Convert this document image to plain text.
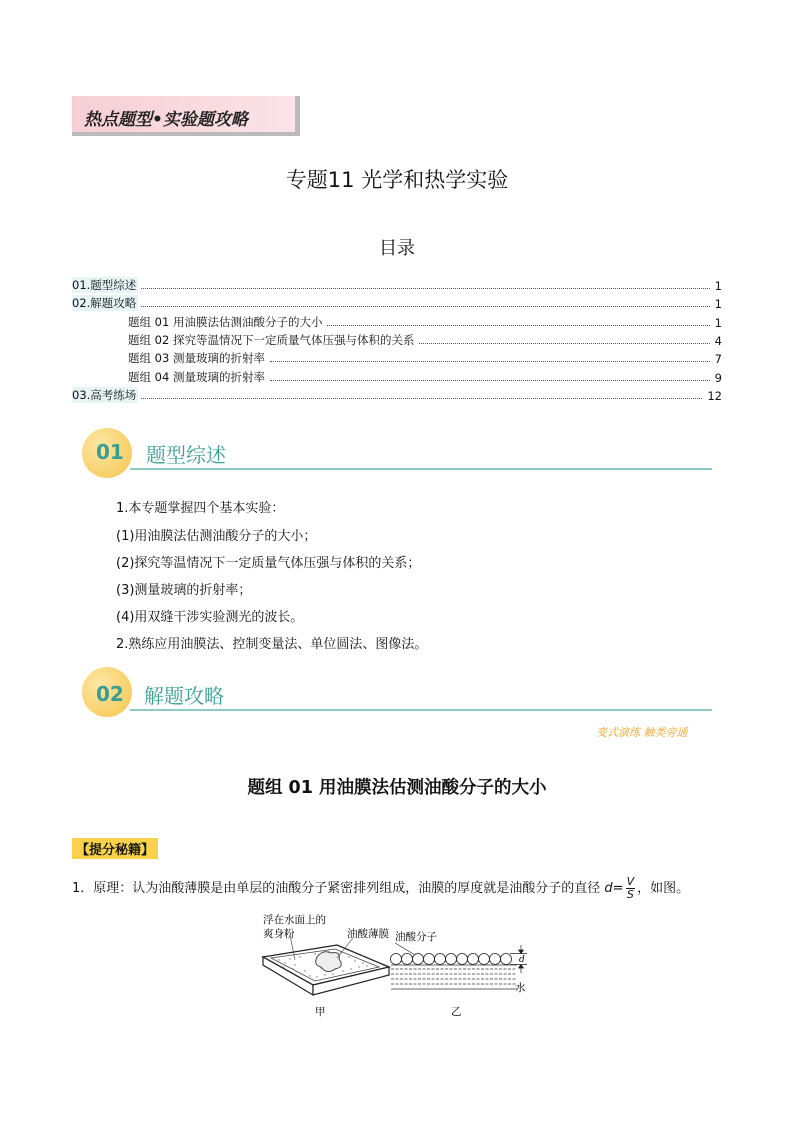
热点题型•实验题攻略
专题11 光学和热学实验
目录
01.题型综述	1
02.解题攻略	1
题组 01 用油膜法估测油酸分子的大小	1
题组 02 探究等温情况下一定质量气体压强与体积的关系	4
题组 03 测量玻璃的折射率	7
题组 04 测量玻璃的折射率	9
03.高考练场	12
01 题型综述
1.本专题掌握四个基本实验：
(1)用油膜法估测油酸分子的大小；
(2)探究等温情况下一定质量气体压强与体积的关系；
(3)测量玻璃的折射率；
(4)用双缝干涉实验测光的波长。
2.熟练应用油膜法、控制变量法、单位圆法、图像法。
02 解题攻略
变式演练 触类旁通
题组 01 用油膜法估测油酸分子的大小
【提分秘籍】
1．原理：认为油酸薄膜是由单层的油酸分子紧密排列组成，油膜的厚度就是油酸分子的直径 $d= \frac{V}{S}$ ，如图。
浮在水面上的
爽身粉	油酸薄膜 油酸分子
d
水
甲	乙
